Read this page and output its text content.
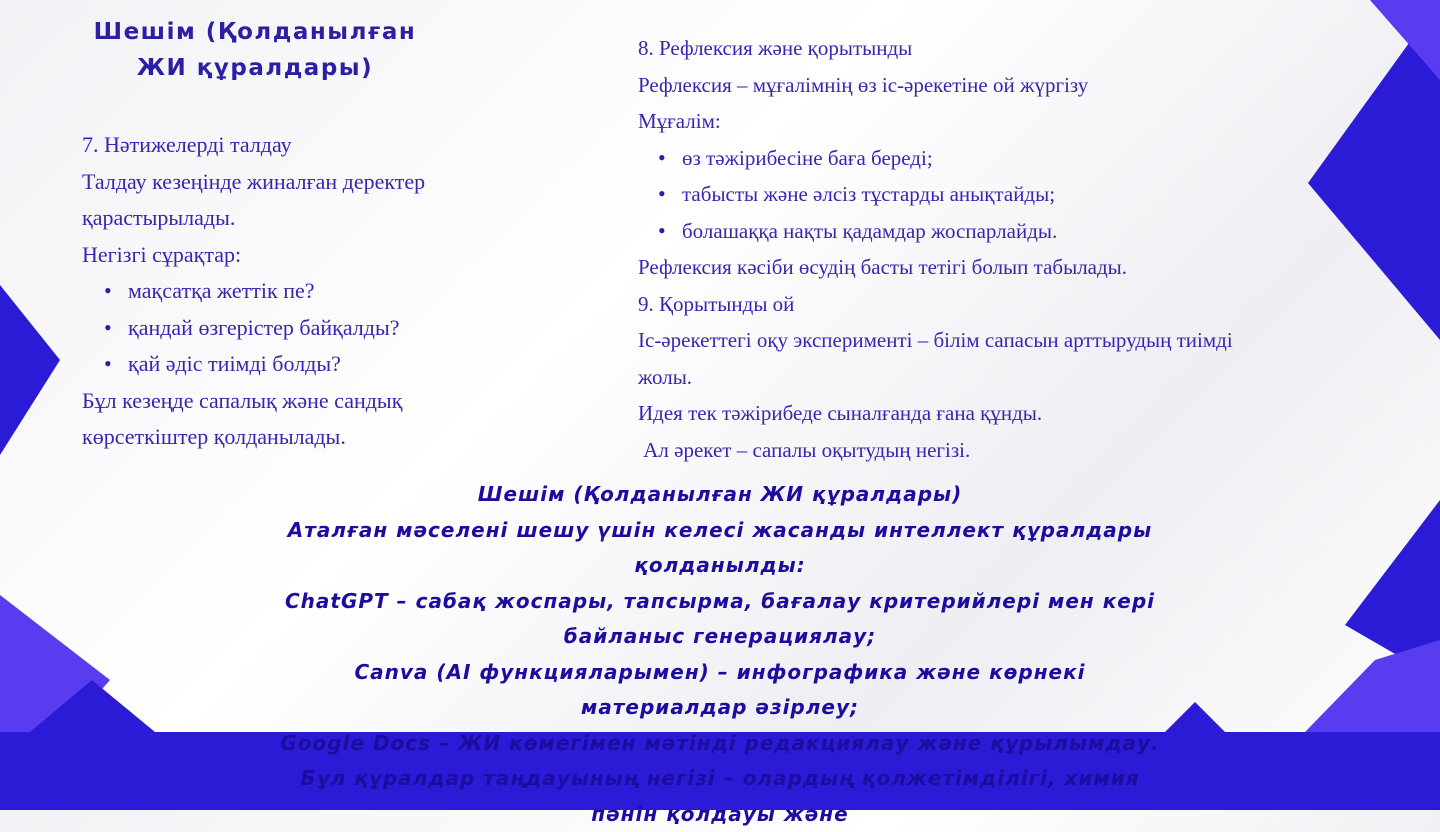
Шешім (Қолданылған
ЖИ құралдары)

7. Нәтижелерді талдау

Талдау кезеңінде жиналған деректер

қарастырылады.

Негізгі сұрақтар:

• мақсатқа жеттік пе?
• қандай өзгерістер байқалды?
• қай әдіс тиімді болды?

Бұл кезеңде сапалық және сандық

көрсеткіштер қолданылады.

8. Рефлексия және қорытынды

Рефлексия – мұғалімнің өз іс-әрекетіне ой жүргізу

Мұғалім:

• өз тәжірибесіне баға береді;
• табысты және әлсіз тұстарды анықтайды;
• болашаққа нақты қадамдар жоспарлайды.

Рефлексия кәсіби өсудің басты тетігі болып табылады.

9. Қорытынды ой

Іс-әрекеттегі оқу эксперименті – білім сапасын арттырудың тиімді

жолы.

Идея тек тәжірибеде сыналғанда ғана құнды.

Ал әрекет – сапалы оқытудың негізі.

Шешім (Қолданылған ЖИ құралдары)

Аталған мәселені шешу үшін келесі жасанды интеллект құралдары

қолданылды:

ChatGPT – сабақ жоспары, тапсырма, бағалау критерийлері мен кері

байланыс генерациялау;

Canva (AI функцияларымен) – инфографика және көрнекі

материалдар әзірлеу;

Google Docs – ЖИ көмегімен мәтінді редакциялау және құрылымдау.

Бұл құралдар таңдауының негізі – олардың қолжетімділігі, химия

пәнін қолдауы және
